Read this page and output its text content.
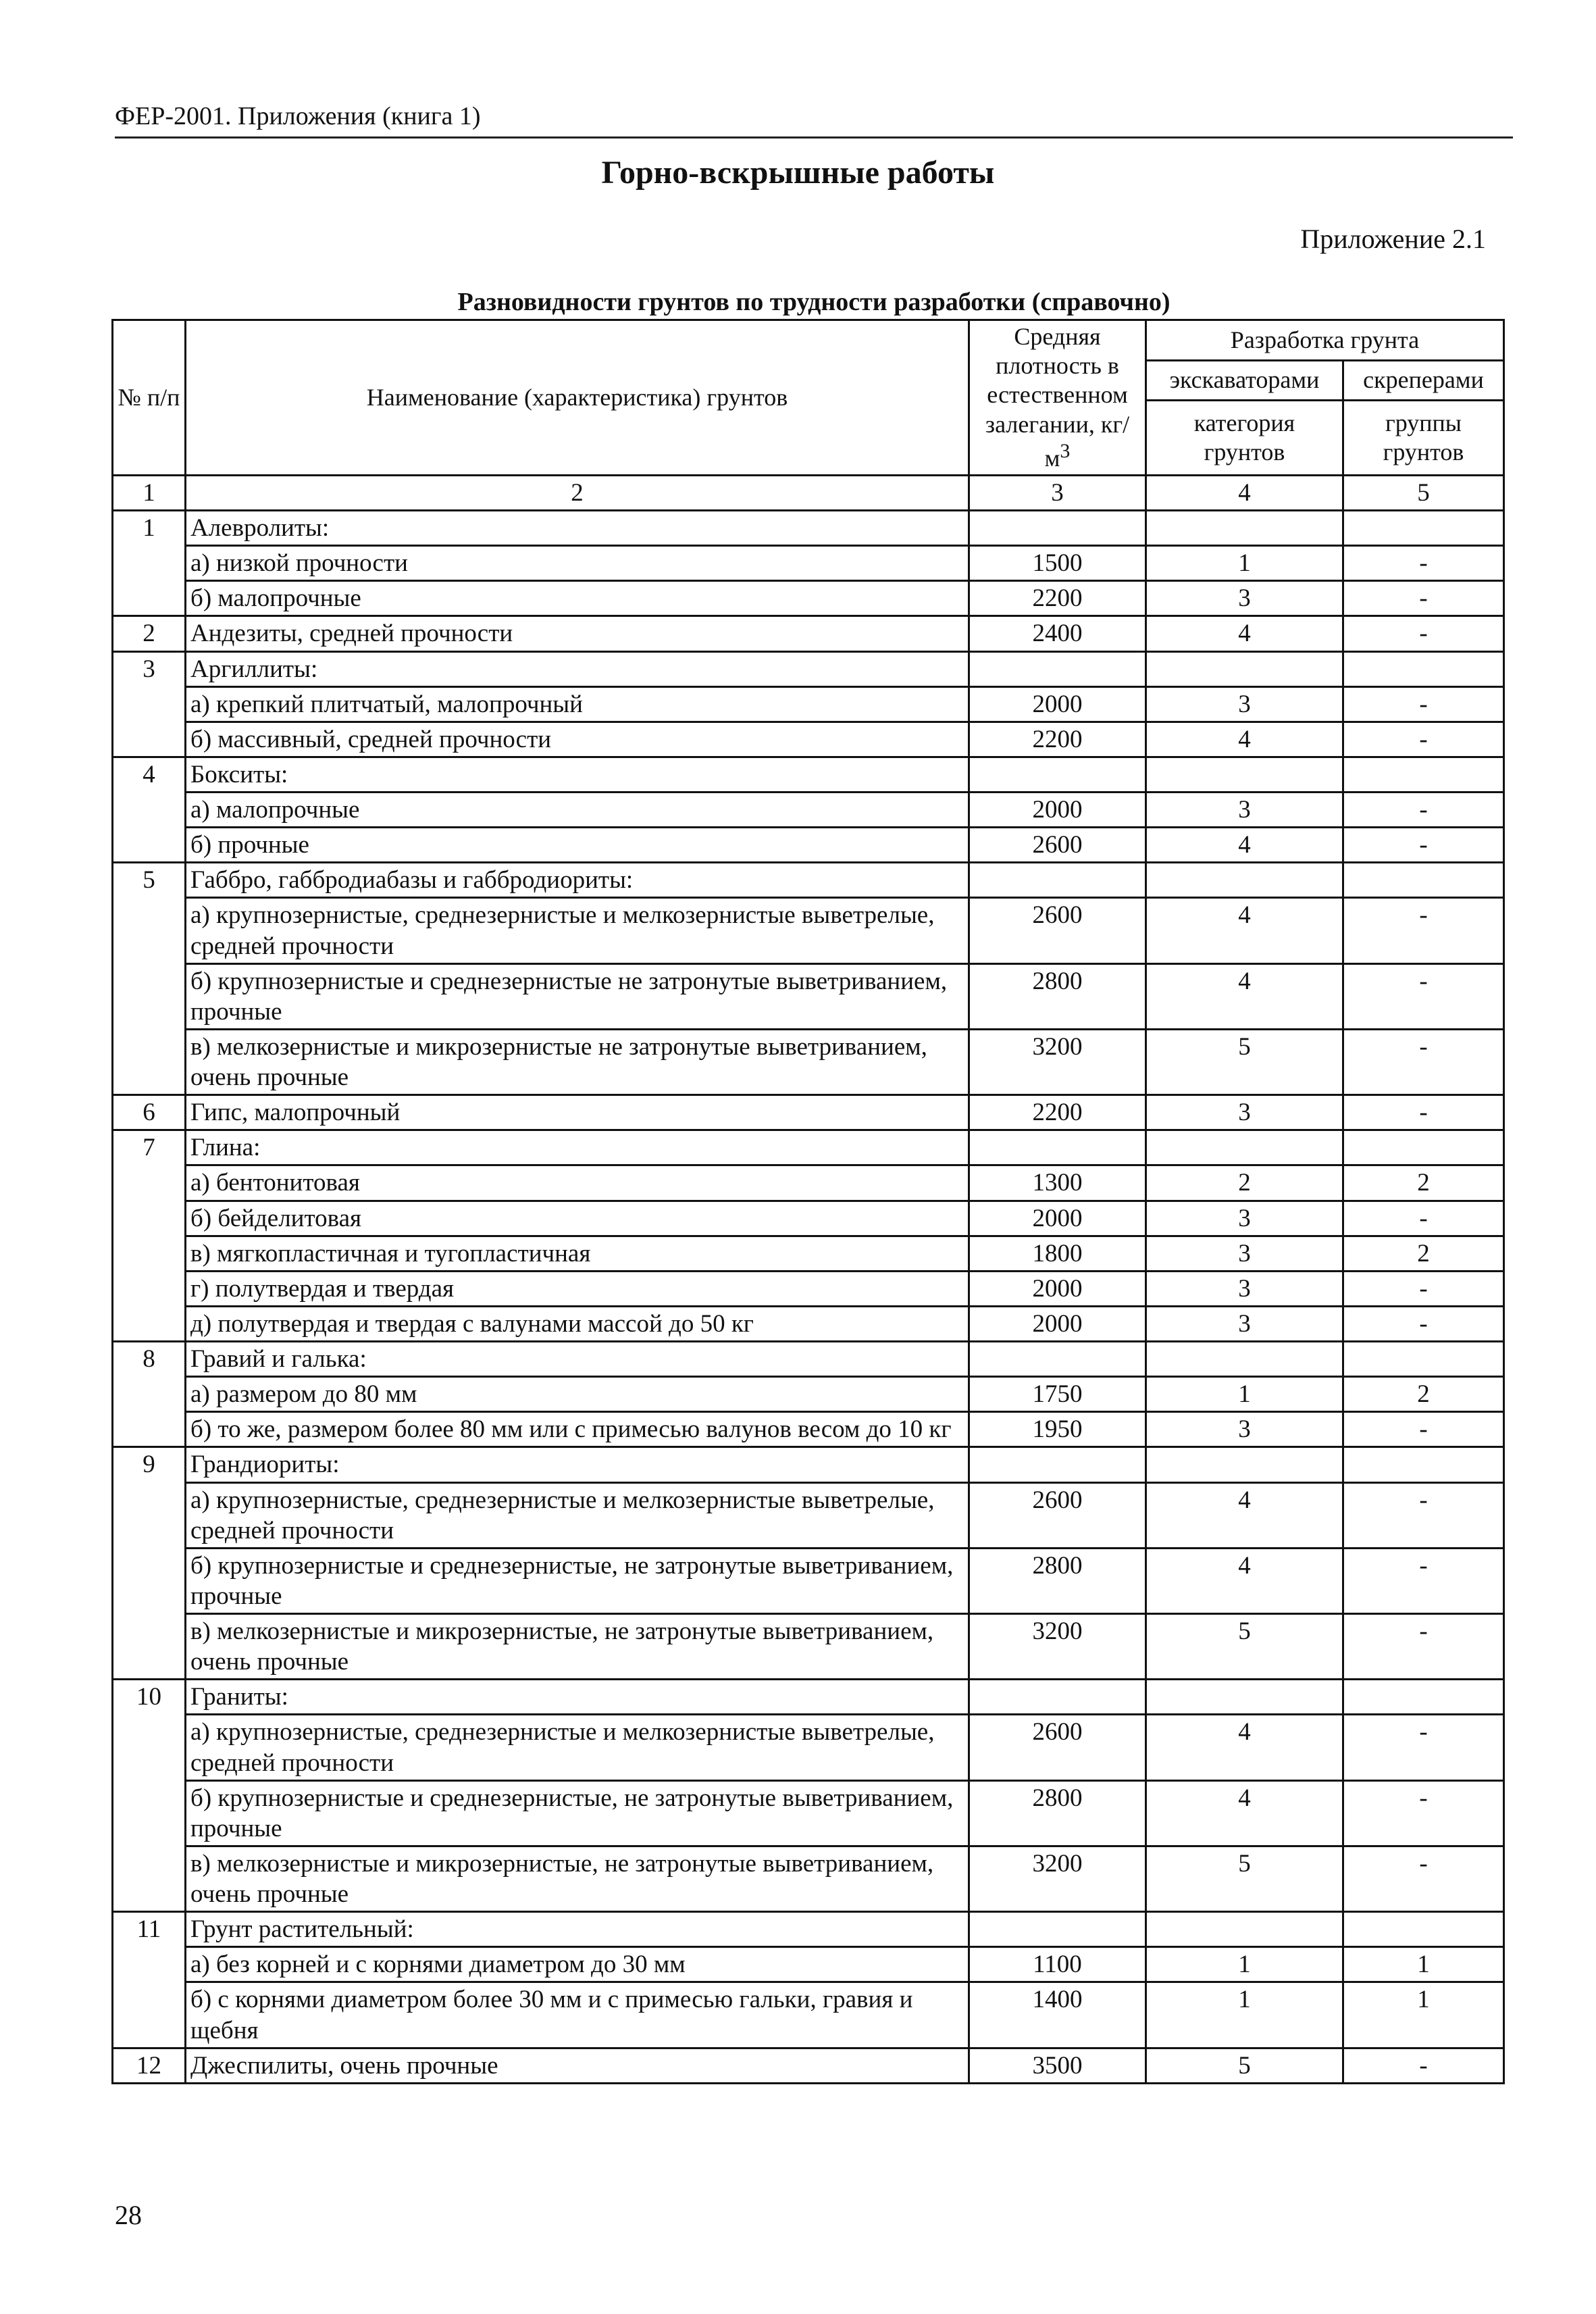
ФЕР-2001. Приложения (книга 1)
Горно-вскрышные работы
Приложение 2.1
Разновидности грунтов по трудности разработки (справочно)
№ п/п	Наименование (характеристика) грунтов	Средняя плотность в естественном залегании, $кг/м^3$	Разработка грунта	
			экскаваторами	скреперами
			категория грунтов	группы грунтов
1	2	3	4	5
1	Алевролиты:			
	а) низкой прочности	1500	1	-
	б) малопрочные	2200	3	-
2	Андезиты, средней прочности	2400	4	-
3	Аргиллиты:			
	а) крепкий плитчатый, малопрочный	2000	3	-
	б) массивный, средней прочности	2200	4	-
4	Бокситы:			
	а) малопрочные	2000	3	-
	б) прочные	2600	4	-
5	Габбро, габбродиабазы и габбродиориты:			
	а) крупнозернистые, среднезернистые и мелкозернистые выветрелые, средней прочности	2600	4	-
	б) крупнозернистые и среднезернистые не затронутые выветриванием, прочные	2800	4	-
	в) мелкозернистые и микрозернистые не затронутые выветриванием, очень прочные	3200	5	-
6	Гипс, малопрочный	2200	3	-
7	Глина:			
	а) бентонитовая	1300	2	2
	б) бейделитовая	2000	3	-
	в) мягкопластичная и тугопластичная	1800	3	2
	г) полутвердая и твердая	2000	3	-
	д) полутвердая и твердая с валунами массой до 50 кг	2000	3	-
8	Гравий и галька:			
	а) размером до 80 мм	1750	1	2
	б) то же, размером более 80 мм или с примесью валунов весом до 10 кг	1950	3	-
9	Грандиориты:			
	а) крупнозернистые, среднезернистые и мелкозернистые выветрелые, средней прочности	2600	4	-
	б) крупнозернистые и среднезернистые, не затронутые выветриванием, прочные	2800	4	-
	в) мелкозернистые и микрозернистые, не затронутые выветриванием, очень прочные	3200	5	-
10	Граниты:			
	а) крупнозернистые, среднезернистые и мелкозернистые выветрелые, средней прочности	2600	4	-
	б) крупнозернистые и среднезернистые, не затронутые выветриванием, прочные	2800	4	-
	в) мелкозернистые и микрозернистые, не затронутые выветриванием, очень прочные	3200	5	-
11	Грунт растительный:			
	а) без корней и с корнями диаметром до 30 мм	1100	1	1
	б) с корнями диаметром более 30 мм и с примесью гальки, гравия и щебня	1400	1	1
12	Джеспилиты, очень прочные	3500	5	-
28
